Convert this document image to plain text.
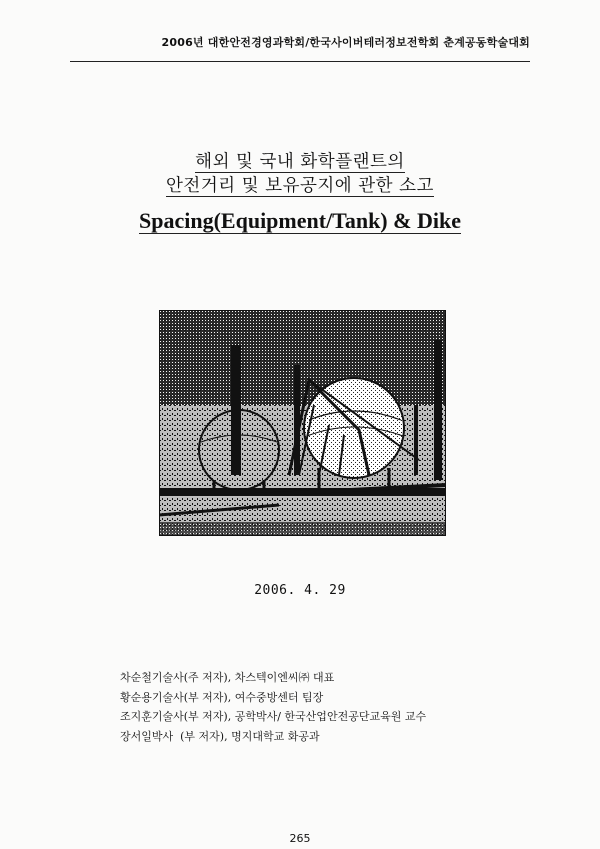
2006년 대한안전경영과학회/한국사이버테러정보전학회 춘계공동학술대회
해외 및 국내 화학플랜트의
안전거리 및 보유공지에 관한 소고
Spacing(Equipment/Tank) & Dike
2006. 4. 29
차순철기술사(주 저자), 차스텍이엔씨㈜ 대표
황순용기술사(부 저자), 여수중방센터 팀장
조지훈기술사(부 저자), 공학박사/ 한국산업안전공단교육원 교수
장서일박사  (부 저자), 명지대학교 화공과
265
